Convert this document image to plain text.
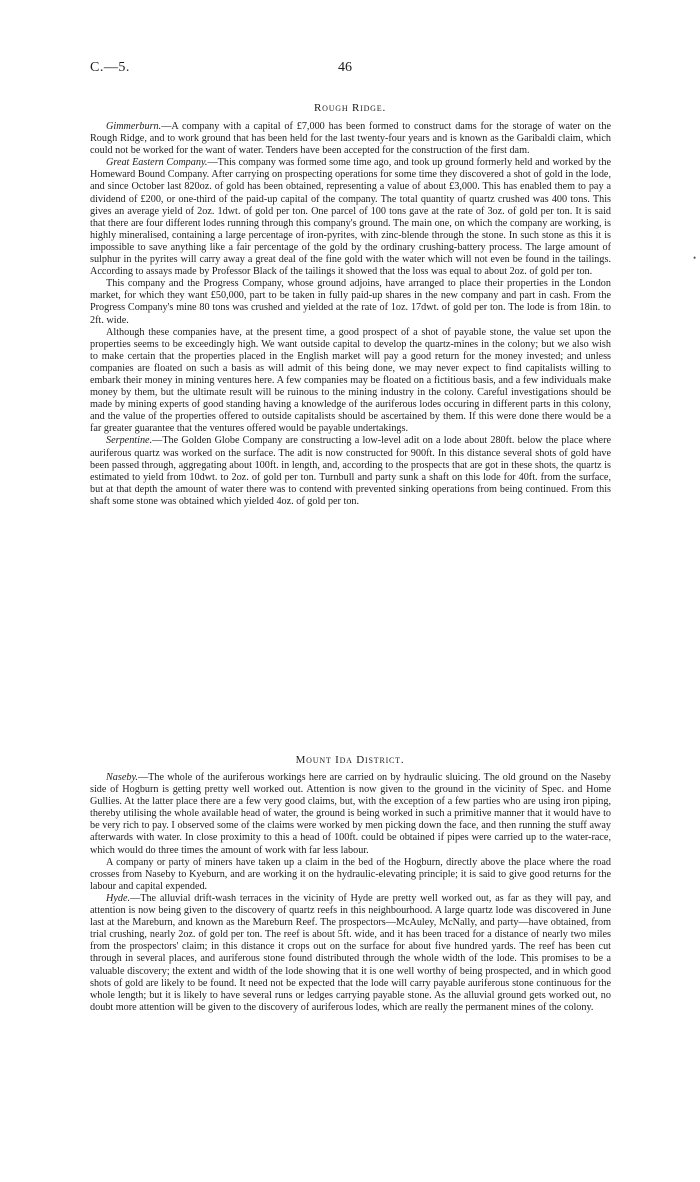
C.—5.	46
Rough Ridge.

Gimmerburn.—A company with a capital of £7,000 has been formed to construct dams for the storage of water on the Rough Ridge, and to work ground that has been held for the last twenty-four years and is known as the Garibaldi claim, which could not be worked for the want of water. Tenders have been accepted for the construction of the first dam.

Great Eastern Company.—This company was formed some time ago, and took up ground formerly held and worked by the Homeward Bound Company. After carrying on prospecting operations for some time they discovered a shot of gold in the lode, and since October last 820oz. of gold has been obtained, representing a value of about £3,000. This has enabled them to pay a dividend of £200, or one-third of the paid-up capital of the company. The total quantity of quartz crushed was 400 tons. This gives an average yield of 2oz. 1dwt. of gold per ton. One parcel of 100 tons gave at the rate of 3oz. of gold per ton. It is said that there are four different lodes running through this company's ground. The main one, on which the company are working, is highly mineralised, containing a large percentage of iron-pyrites, with zinc-blende through the stone. In such stone as this it is impossible to save anything like a fair percentage of the gold by the ordinary crushing-battery process. The large amount of sulphur in the pyrites will carry away a great deal of the fine gold with the water which will not even be found in the tailings. According to assays made by Professor Black of the tailings it showed that the loss was equal to about 2oz. of gold per ton.

This company and the Progress Company, whose ground adjoins, have arranged to place their properties in the London market, for which they want £50,000, part to be taken in fully paid-up shares in the new company and part in cash. From the Progress Company's mine 80 tons was crushed and yielded at the rate of 1oz. 17dwt. of gold per ton. The lode is from 18in. to 2ft. wide.

Although these companies have, at the present time, a good prospect of a shot of payable stone, the value set upon the properties seems to be exceedingly high. We want outside capital to develop the quartz-mines in the colony; but we also wish to make certain that the properties placed in the English market will pay a good return for the money invested; and unless companies are floated on such a basis as will admit of this being done, we may never expect to find capitalists willing to embark their money in mining ventures here. A few companies may be floated on a fictitious basis, and a few individuals make money by them, but the ultimate result will be ruinous to the mining industry in the colony. Careful investigations should be made by mining experts of good standing having a knowledge of the auriferous lodes occuring in different parts in this colony, and the value of the properties offered to outside capitalists should be ascertained by them. If this were done there would be a far greater guarantee that the ventures offered would be payable undertakings.

Serpentine.—The Golden Globe Company are constructing a low-level adit on a lode about 280ft. below the place where auriferous quartz was worked on the surface. The adit is now constructed for 900ft. In this distance several shots of gold have been passed through, aggregating about 100ft. in length, and, according to the prospects that are got in these shots, the quartz is estimated to yield from 10dwt. to 2oz. of gold per ton. Turnbull and party sunk a shaft on this lode for 40ft. from the surface, but at that depth the amount of water there was to contend with prevented sinking operations from being continued. From this shaft some stone was obtained which yielded 4oz. of gold per ton.

Mount Ida District.

Naseby.—The whole of the auriferous workings here are carried on by hydraulic sluicing. The old ground on the Naseby side of Hogburn is getting pretty well worked out. Attention is now given to the ground in the vicinity of Spec. and Home Gullies. At the latter place there are a few very good claims, but, with the exception of a few parties who are using iron piping, thereby utilising the whole available head of water, the ground is being worked in such a primitive manner that it would have to be very rich to pay. I observed some of the claims were worked by men picking down the face, and then running the stuff away afterwards with water. In close proximity to this a head of 100ft. could be obtained if pipes were carried up to the water-race, which would do three times the amount of work with far less labour.

A company or party of miners have taken up a claim in the bed of the Hogburn, directly above the place where the road crosses from Naseby to Kyeburn, and are working it on the hydraulic-elevating principle; it is said to give good returns for the labour and capital expended.

Hyde.—The alluvial drift-wash terraces in the vicinity of Hyde are pretty well worked out, as far as they will pay, and attention is now being given to the discovery of quartz reefs in this neighbourhood. A large quartz lode was discovered in June last at the Mareburn, and known as the Mareburn Reef. The prospectors—McAuley, McNally, and party—have obtained, from trial crushing, nearly 2oz. of gold per ton. The reef is about 5ft. wide, and it has been traced for a distance of nearly two miles from the prospectors' claim; in this distance it crops out on the surface for about five hundred yards. The reef has been cut through in several places, and auriferous stone found distributed through the whole width of the lode. This promises to be a valuable discovery; the extent and width of the lode showing that it is one well worthy of being prospected, and in which good shots of gold are likely to be found. It need not be expected that the lode will carry payable auriferous stone continuous for the whole length; but it is likely to have several runs or ledges carrying payable stone. As the alluvial ground gets worked out, no doubt more attention will be given to the discovery of auriferous lodes, which are really the permanent mines of the colony.

•
